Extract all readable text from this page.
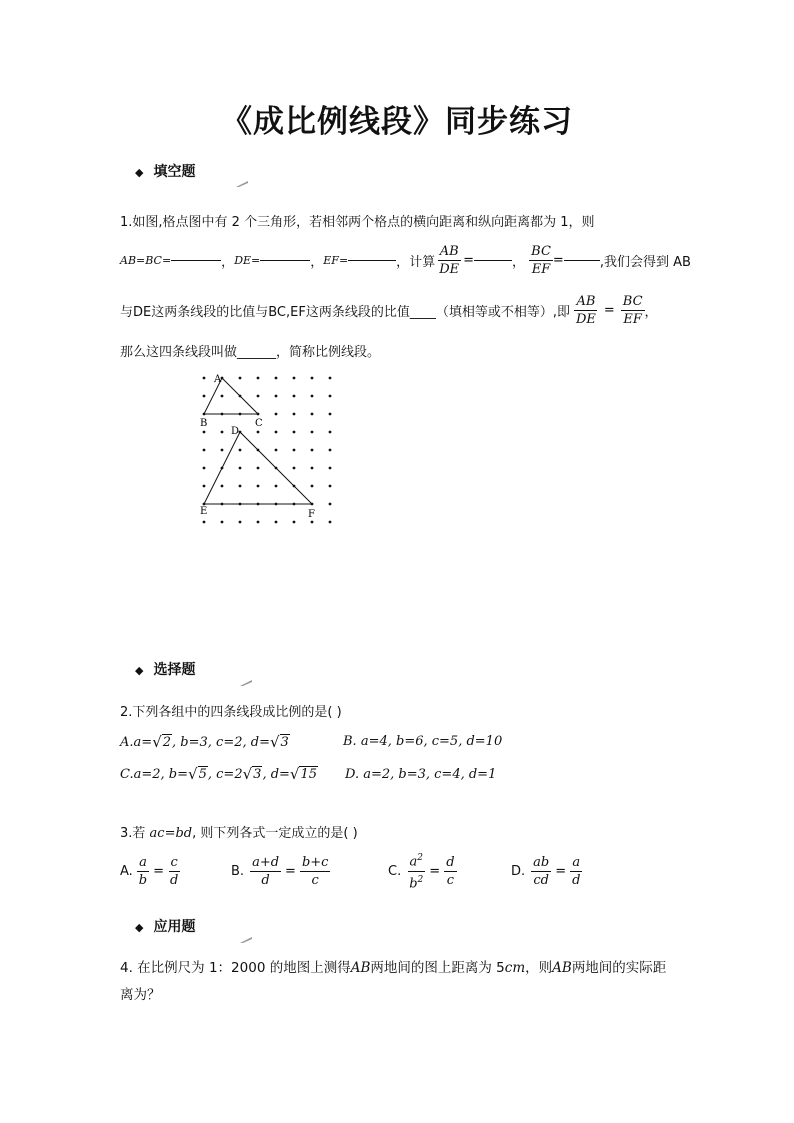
《成比例线段》同步练习
◆ 填空题
1.如图,格点图中有 2 个三角形，若相邻两个格点的横向距离和纵向距离都为 1，则
AB=BC=	， DE=	， EF=	， 计算 $\frac{AB}{DE}$ =	， $\frac{BC}{EF}$ =	,我们会得到 AB
与DE这两条线段的比值与BC,EF这两条线段的比值____（填相等或不相等）,即 $\frac{AB}{DE} = \frac{BC}{EF}$ ，
那么这四条线段叫做______，简称比例线段。
A
B	C
D
E	F
◆ 选择题
2.下列各组中的四条线段成比例的是( )
A. a= √ 2 , b=3, c=2, d= √ 3	B. a=4, b=6, c=5, d=10
C. a=2, b= √ 5 , c=2 √ 3 , d= √ 15 D. a=2, b=3, c=4, d=1
3.若 ac=bd, 则下列各式一定成立的是( )
A. $\frac{a}{b} = \frac{c}{d}$	B. $\frac{a+d}{d} = \frac{b+c}{c}$	C. $\frac{a^2}{b^2} = \frac{d}{c}$	D. $\frac{ab}{cd} = \frac{a}{d}$
◆ 应用题
4. 在比例尺为 1：2000 的地图上测得AB两地间的图上距离为 5cm，则AB两地间的实际距
离为？
